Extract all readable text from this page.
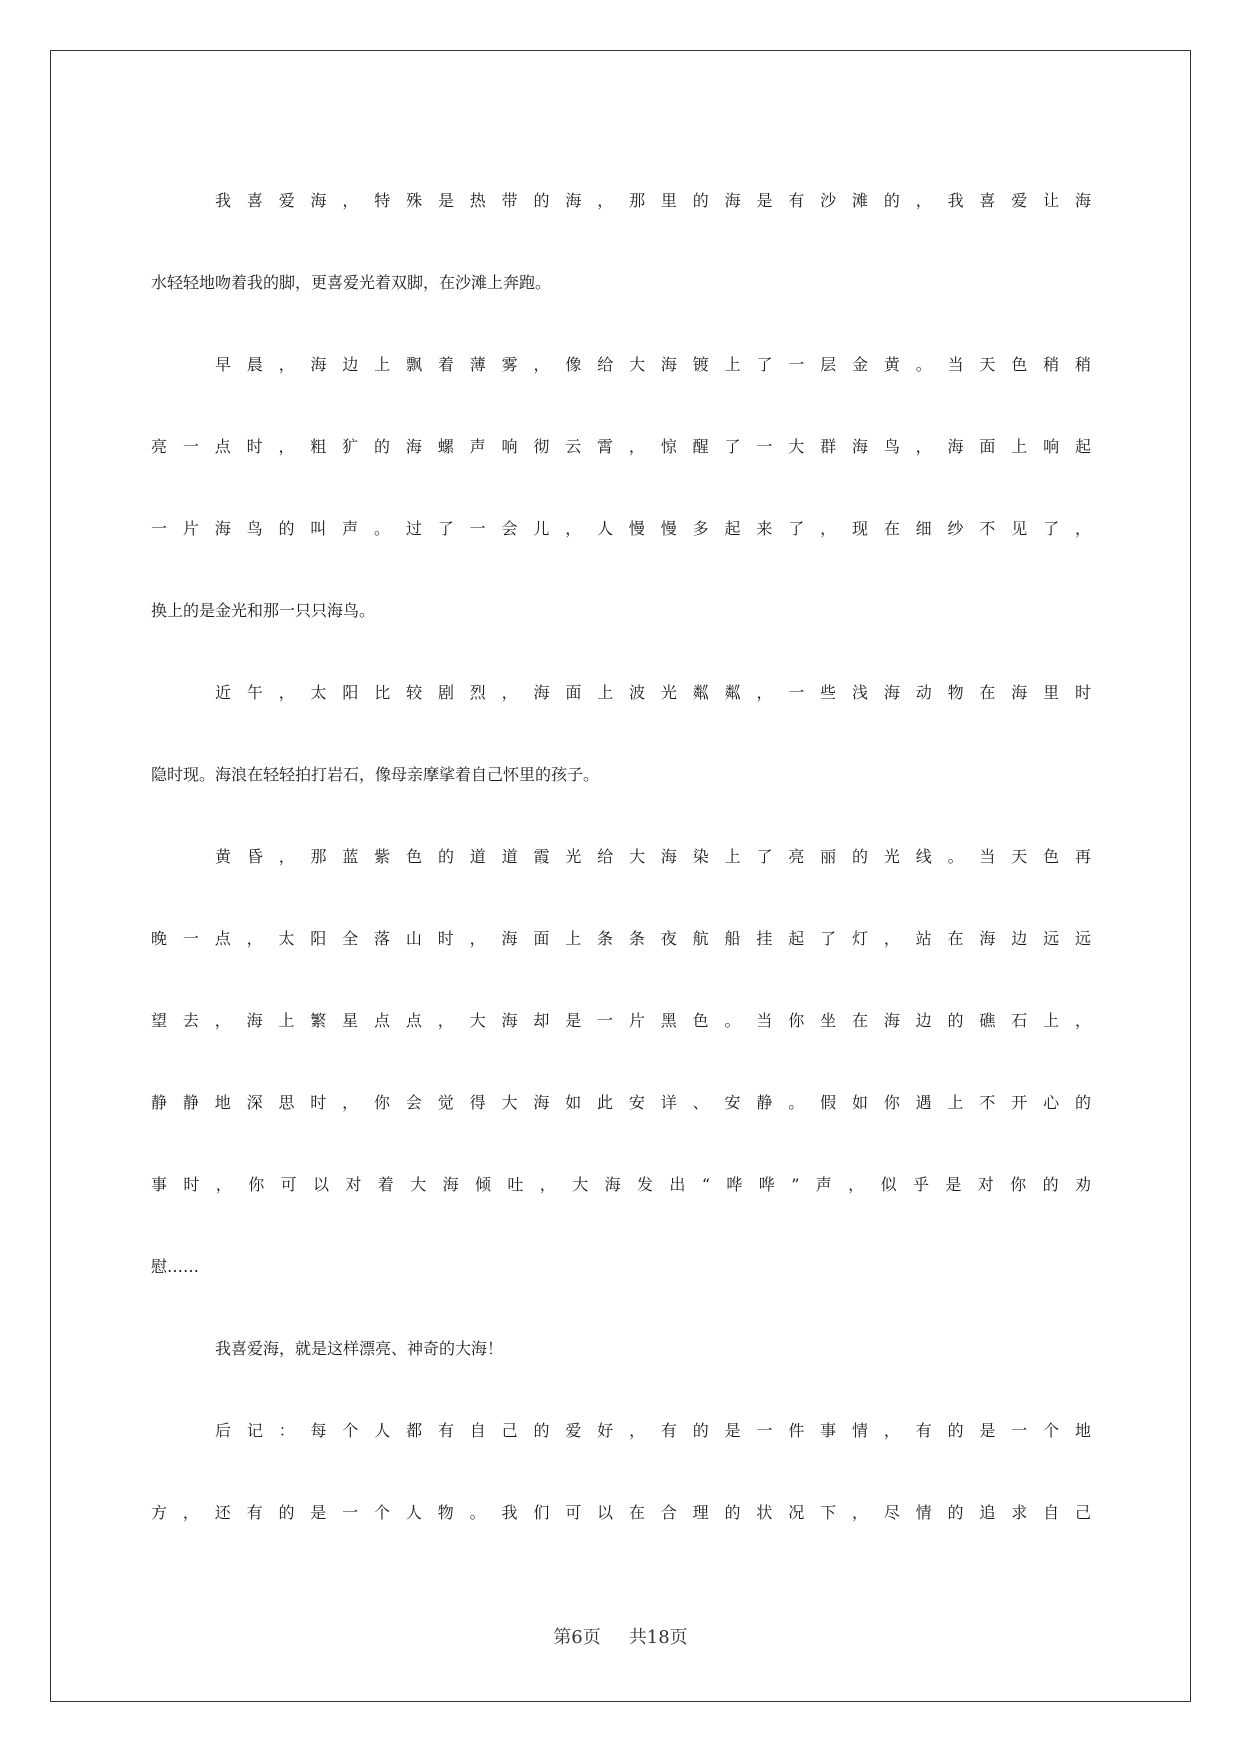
我喜爱海，特殊是热带的海，那里的海是有沙滩的，我喜爱让海
水轻轻地吻着我的脚，更喜爱光着双脚，在沙滩上奔跑。
早晨，海边上飘着薄雾，像给大海镀上了一层金黄。当天色稍稍
亮一点时，粗犷的海螺声响彻云霄，惊醒了一大群海鸟，海面上响起
一片海鸟的叫声。过了一会儿，人慢慢多起来了，现在细纱不见了，
换上的是金光和那一只只海鸟。
近午，太阳比较剧烈，海面上波光粼粼，一些浅海动物在海里时
隐时现。海浪在轻轻拍打岩石，像母亲摩挲着自己怀里的孩子。
黄昏，那蓝紫色的道道霞光给大海染上了亮丽的光线。当天色再
晚一点，太阳全落山时，海面上条条夜航船挂起了灯，站在海边远远
望去，海上繁星点点，大海却是一片黑色。当你坐在海边的礁石上，
静静地深思时，你会觉得大海如此安详、安静。假如你遇上不开心的
事时，你可以对着大海倾吐，大海发出“哗哗”声，似乎是对你的劝
慰……
我喜爱海，就是这样漂亮、神奇的大海！
后记：每个人都有自己的爱好，有的是一件事情，有的是一个地
方，还有的是一个人物。我们可以在合理的状况下，尽情的追求自己
第6页 共18页
